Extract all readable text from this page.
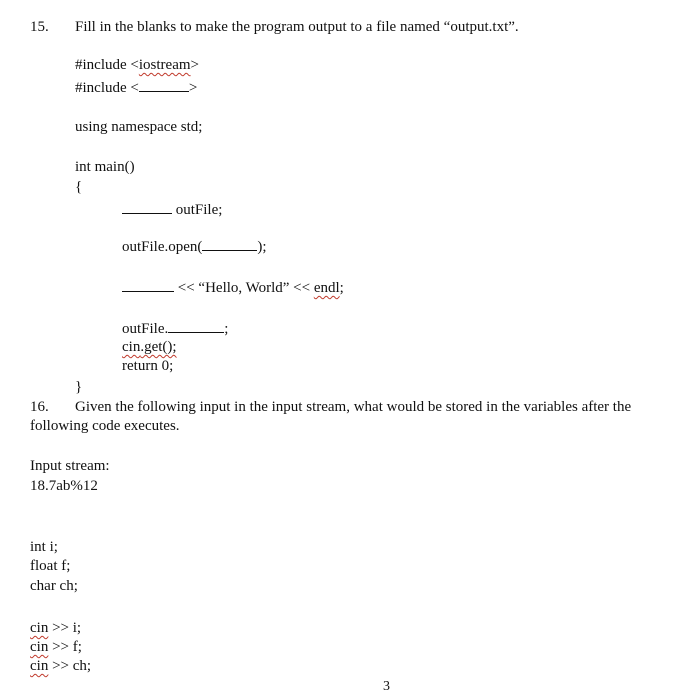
15. Fill in the blanks to make the program output to a file named “output.txt”.
#include <iostream>
#include <	>
using namespace std;
int main()
{
outFile;
outFile.open(	);
<< “Hello, World” << endl;
outFile.	;
cin.get();
return 0;
}
16. Given the following input in the input stream, what would be stored in the variables after the
following code executes.
Input stream:
18.7ab%12
int i;
float f;
char ch;
cin >> i;
cin >> f;
cin >> ch;
3
